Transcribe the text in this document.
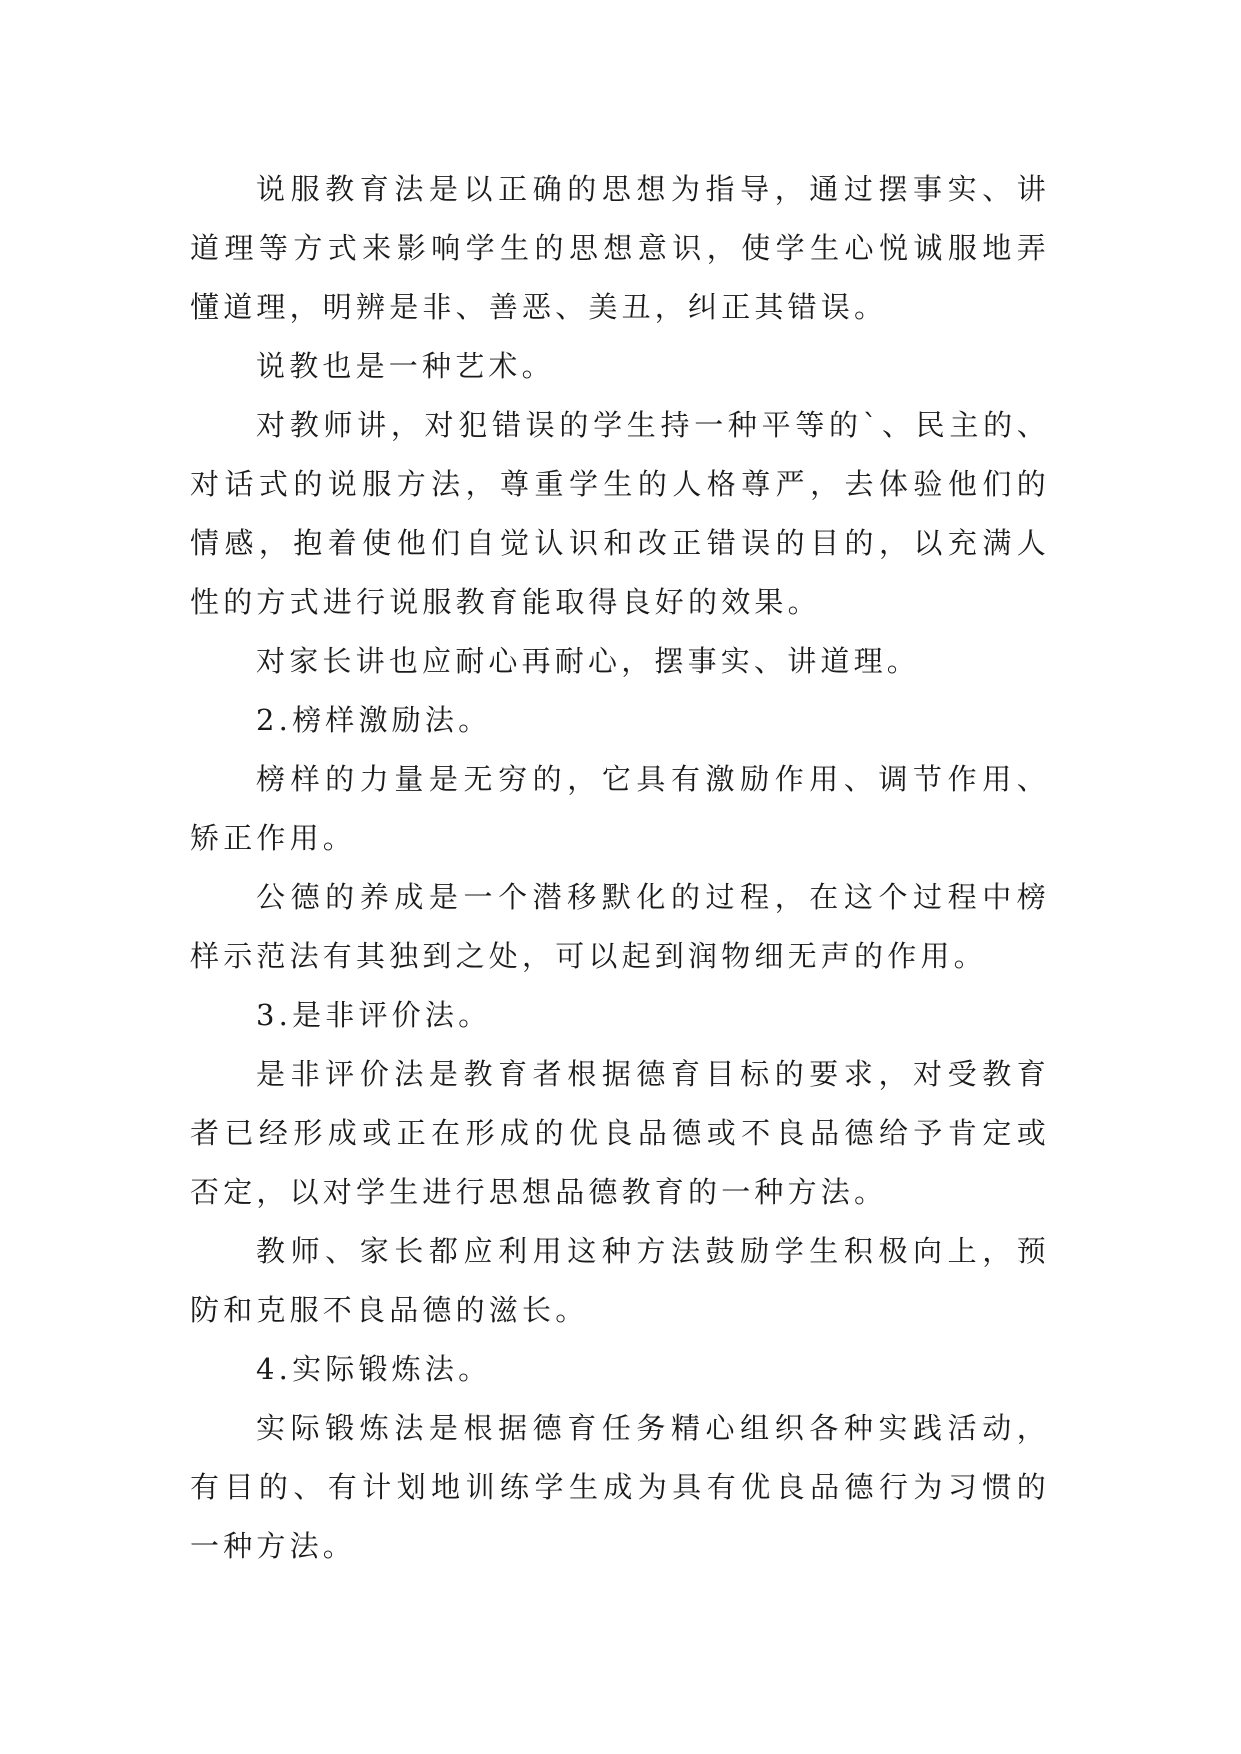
说服教育法是以正确的思想为指导，通过摆事实、讲道理等方式来影响学生的思想意识，使学生心悦诚服地弄懂道理，明辨是非、善恶、美丑，纠正其错误。

说教也是一种艺术。

对教师讲，对犯错误的学生持一种平等的`、民主的、对话式的说服方法，尊重学生的人格尊严，去体验他们的情感，抱着使他们自觉认识和改正错误的目的，以充满人性的方式进行说服教育能取得良好的效果。

对家长讲也应耐心再耐心，摆事实、讲道理。

2.榜样激励法。

榜样的力量是无穷的，它具有激励作用、调节作用、矫正作用。

公德的养成是一个潜移默化的过程，在这个过程中榜样示范法有其独到之处，可以起到润物细无声的作用。

3.是非评价法。

是非评价法是教育者根据德育目标的要求，对受教育者已经形成或正在形成的优良品德或不良品德给予肯定或否定，以对学生进行思想品德教育的一种方法。

教师、家长都应利用这种方法鼓励学生积极向上，预防和克服不良品德的滋长。

4.实际锻炼法。

实际锻炼法是根据德育任务精心组织各种实践活动，有目的、有计划地训练学生成为具有优良品德行为习惯的一种方法。
